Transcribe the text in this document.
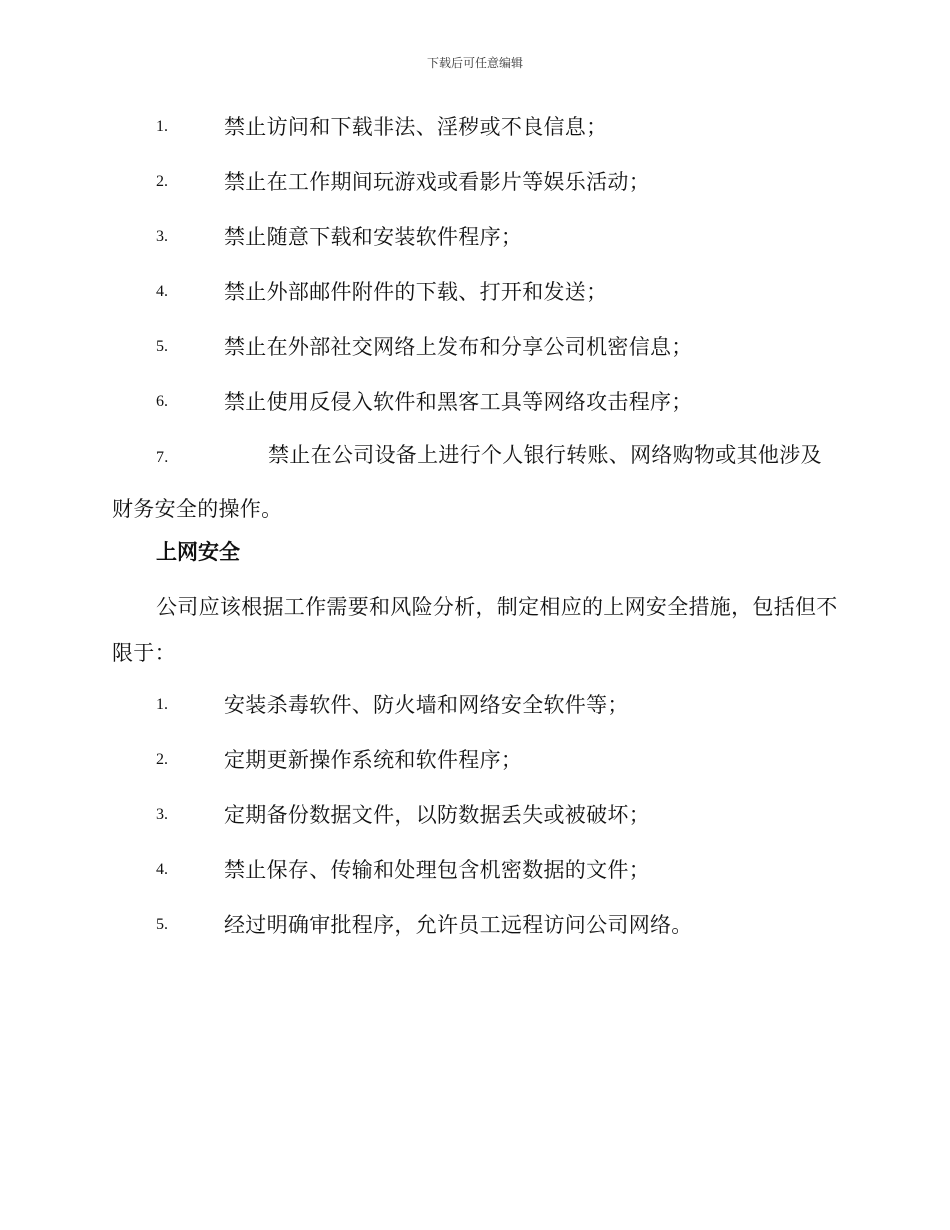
下载后可任意编辑
1.	禁止访问和下载非法、淫秽或不良信息；
2.	禁止在工作期间玩游戏或看影片等娱乐活动；
3.	禁止随意下载和安装软件程序；
4.	禁止外部邮件附件的下载、打开和发送；
5.	禁止在外部社交网络上发布和分享公司机密信息；
6.	禁止使用反侵入软件和黑客工具等网络攻击程序；
7.	禁止在公司设备上进行个人银行转账、网络购物或其他涉及财务安全的操作。
上网安全
公司应该根据工作需要和风险分析，制定相应的上网安全措施，包括但不限于：
1.	安装杀毒软件、防火墙和网络安全软件等；
2.	定期更新操作系统和软件程序；
3.	定期备份数据文件，以防数据丢失或被破坏；
4.	禁止保存、传输和处理包含机密数据的文件；
5.	经过明确审批程序，允许员工远程访问公司网络。
